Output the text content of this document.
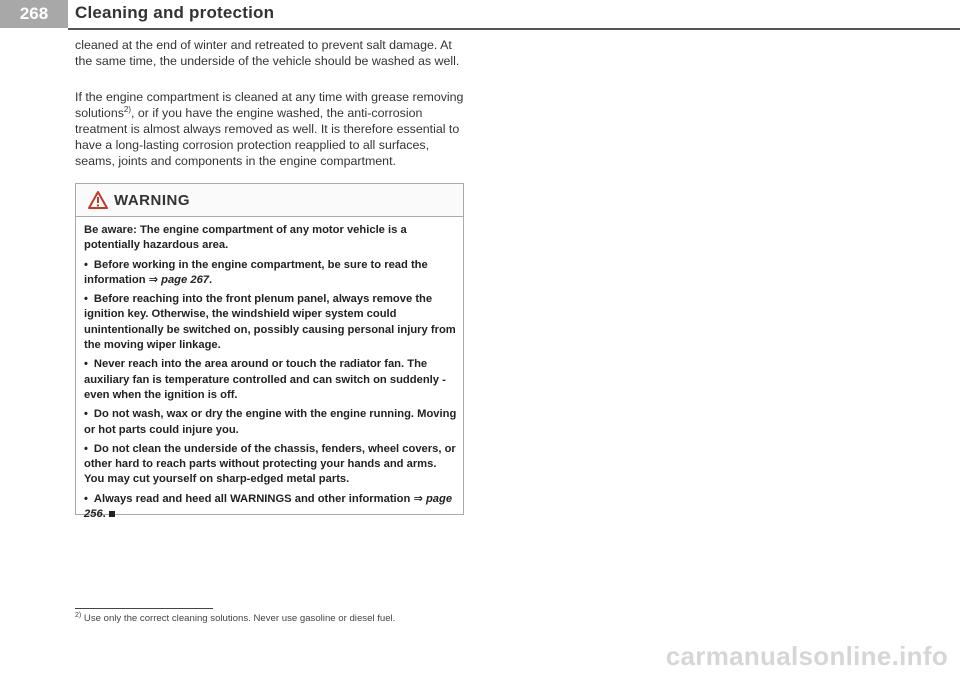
268	Cleaning and protection

cleaned at the end of winter and retreated to prevent salt damage. At the same time, the underside of the vehicle should be washed as well.

If the engine compartment is cleaned at any time with grease removing solutions$^{2)}$, or if you have the engine washed, the anti-corrosion treatment is almost always removed as well. It is therefore essential to have a long-lasting corrosion protection reapplied to all surfaces, seams, joints and components in the engine compartment.

WARNING

Be aware: The engine compartment of any motor vehicle is a potentially hazardous area.

• Before working in the engine compartment, be sure to read the information ⇒ page 267.

• Before reaching into the front plenum panel, always remove the ignition key. Otherwise, the windshield wiper system could unintentionally be switched on, possibly causing personal injury from the moving wiper linkage.

• Never reach into the area around or touch the radiator fan. The auxiliary fan is temperature controlled and can switch on suddenly - even when the ignition is off.

• Do not wash, wax or dry the engine with the engine running. Moving or hot parts could injure you.

• Do not clean the underside of the chassis, fenders, wheel covers, or other hard to reach parts without protecting your hands and arms. You may cut yourself on sharp-edged metal parts.

• Always read and heed all WARNINGS and other information ⇒ page 256.

$^{2)}$ Use only the correct cleaning solutions. Never use gasoline or diesel fuel.
carmanualsonline.info
